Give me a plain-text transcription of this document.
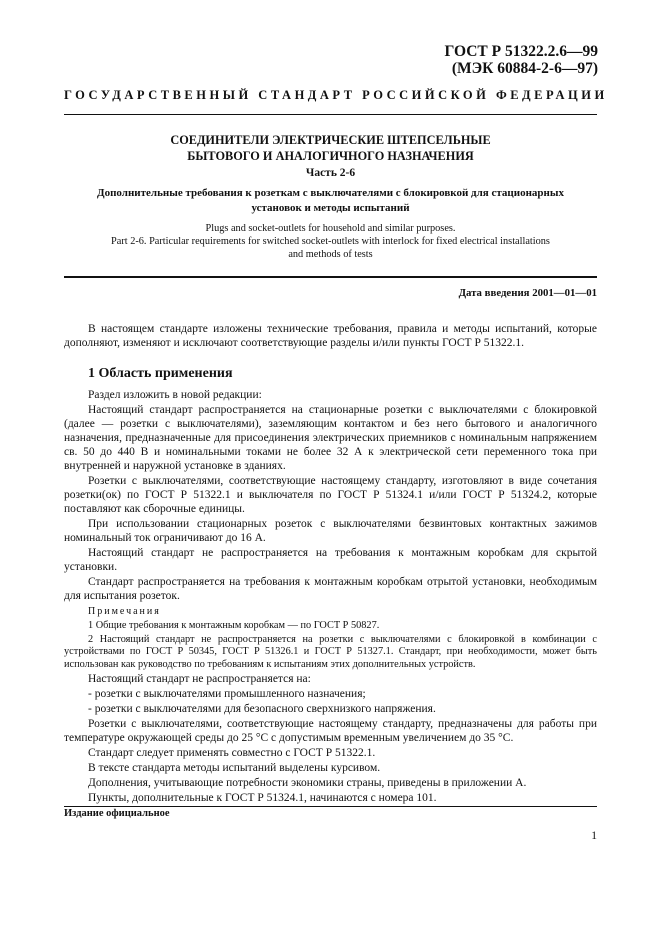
ГОСТ Р 51322.2.6—99
(МЭК 60884-2-6—97)
ГОСУДАРСТВЕННЫЙ СТАНДАРТ РОССИЙСКОЙ ФЕДЕРАЦИИ
СОЕДИНИТЕЛИ ЭЛЕКТРИЧЕСКИЕ ШТЕПСЕЛЬНЫЕ
БЫТОВОГО И АНАЛОГИЧНОГО НАЗНАЧЕНИЯ
Часть 2-6
Дополнительные требования к розеткам с выключателями с блокировкой для стационарных
установок и методы испытаний
Plugs and socket-outlets for household and similar purposes.
Part 2-6. Particular requirements for switched socket-outlets with interlock for fixed electrical installations
and methods of tests
Дата введения 2001—01—01

В настоящем стандарте изложены технические требования, правила и методы испытаний, которые дополняют, изменяют и исключают соответствующие разделы и/или пункты ГОСТ Р 51322.1.

1 Область применения

Раздел изложить в новой редакции:

Настоящий стандарт распространяется на стационарные розетки с выключателями с блокировкой (далее — розетки с выключателями), заземляющим контактом и без него бытового и аналогичного назначения, предназначенные для присоединения электрических приемников с номинальным напряжением св. 50 до 440 В и номинальными токами не более 32 А к электрической сети переменного тока при внутренней и наружной установке в зданиях.

Розетки с выключателями, соответствующие настоящему стандарту, изготовляют в виде сочетания розетки(ок) по ГОСТ Р 51322.1 и выключателя по ГОСТ Р 51324.1 и/или ГОСТ Р 51324.2, которые поставляют как сборочные единицы.

При использовании стационарных розеток с выключателями безвинтовых контактных зажимов номинальный ток ограничивают до 16 А.

Настоящий стандарт не распространяется на требования к монтажным коробкам для скрытой установки.

Стандарт распространяется на требования к монтажным коробкам отрытой установки, необходимым для испытания розеток.

Примечания

1 Общие требования к монтажным коробкам — по ГОСТ Р 50827.

2 Настоящий стандарт не распространяется на розетки с выключателями с блокировкой в комбинации с устройствами по ГОСТ Р 50345, ГОСТ Р 51326.1 и ГОСТ Р 51327.1. Стандарт, при необходимости, может быть использован как руководство по требованиям к испытаниям этих дополнительных устройств.

Настоящий стандарт не распространяется на:

- розетки с выключателями промышленного назначения;

- розетки с выключателями для безопасного сверхнизкого напряжения.

Розетки с выключателями, соответствующие настоящему стандарту, предназначены для работы при температуре окружающей среды до 25 °С с допустимым временным увеличением до 35 °С.

Стандарт следует применять совместно с ГОСТ Р 51322.1.

В тексте стандарта методы испытаний выделены курсивом.

Дополнения, учитывающие потребности экономики страны, приведены в приложении А.

Пункты, дополнительные к ГОСТ Р 51324.1, начинаются с номера 101.

Издание официальное
1
